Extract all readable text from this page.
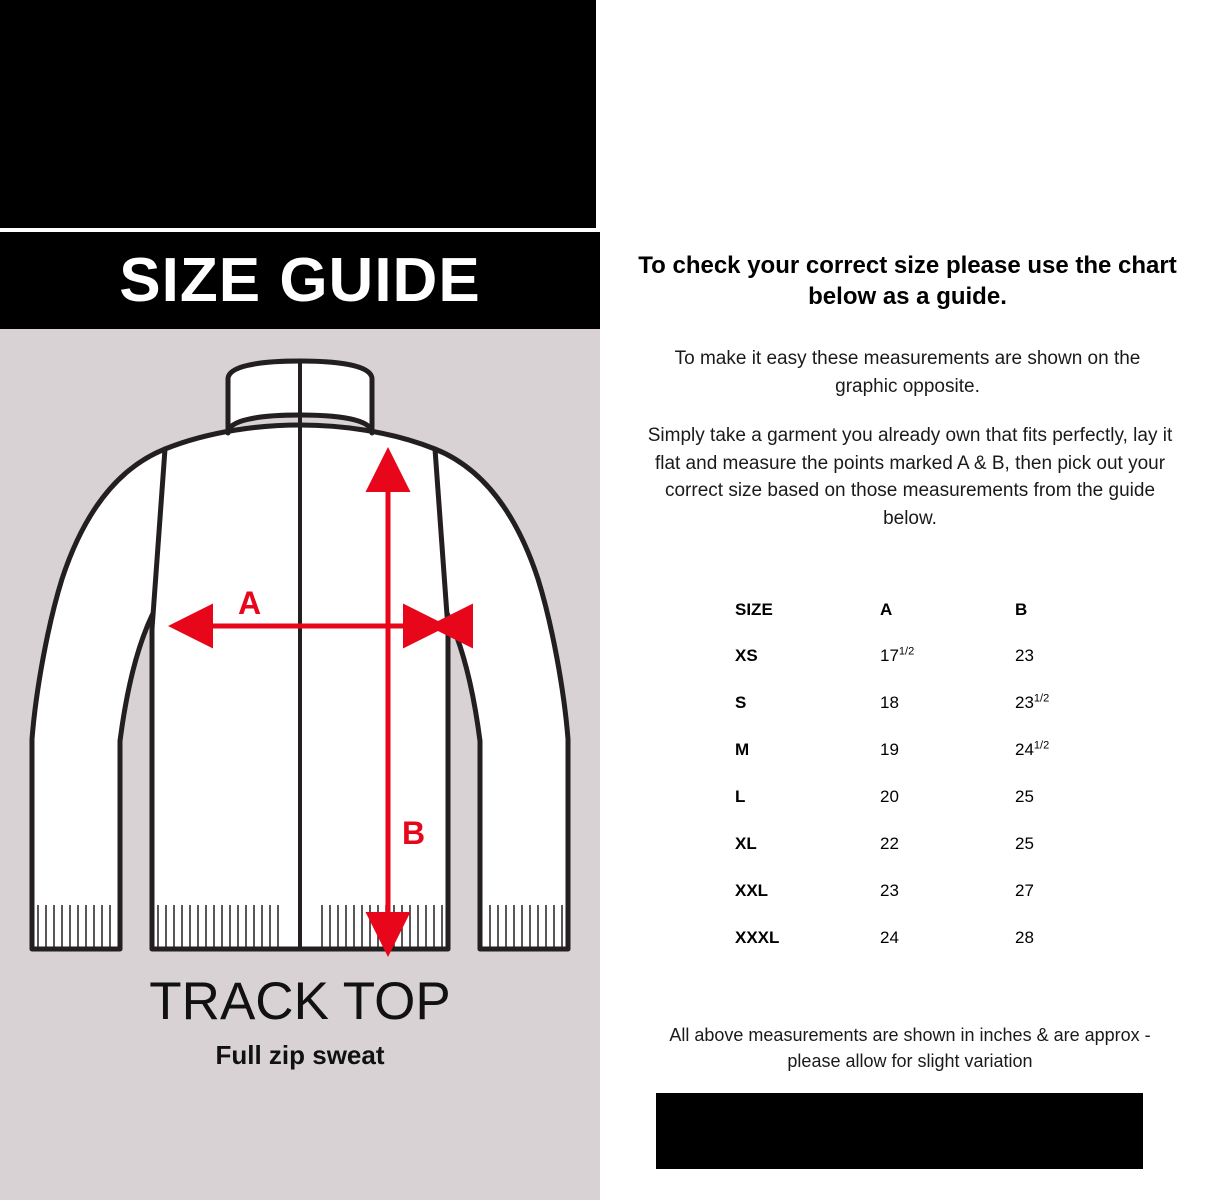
SIZE GUIDE
A
B
TRACK TOP
Full zip sweat
To check your correct size please use the chart below as a guide.
To make it easy these measurements are shown on the graphic opposite.
Simply take a garment you already own that fits perfectly, lay it flat and measure the points marked A & B, then pick out your correct size based on those measurements from the guide below.
SIZE	A	B
XS	$17^{1/2}$	23
S	18	$23^{1/2}$
M	19	$24^{1/2}$
L	20	25
XL	22	25
XXL	23	27
XXXL	24	28
All above measurements are shown in inches & are approx - please allow for slight variation
